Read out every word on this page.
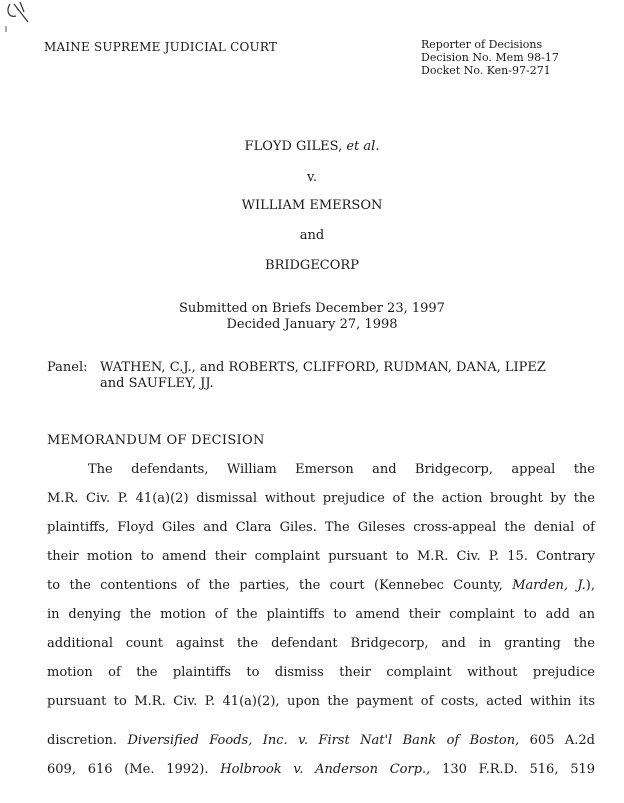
MAINE SUPREME JUDICIAL COURT	Reporter of Decisions
Decision No. Mem 98-17
Docket No. Ken-97-271
FLOYD GILES, et al.
v.
WILLIAM EMERSON
and
BRIDGECORP
Submitted on Briefs December 23, 1997
Decided January 27, 1998
Panel: WATHEN, C.J., and ROBERTS, CLIFFORD, RUDMAN, DANA, LIPEZ
and SAUFLEY, JJ.
MEMORANDUM OF DECISION
The defendants, William Emerson and Bridgecorp, appeal the
M.R. Civ. P. 41(a)(2) dismissal without prejudice of the action brought by the
plaintiffs, Floyd Giles and Clara Giles. The Gileses cross-appeal the denial of
their motion to amend their complaint pursuant to M.R. Civ. P. 15. Contrary
to the contentions of the parties, the court (Kennebec County, Marden, J.),
in denying the motion of the plaintiffs to amend their complaint to add an
additional count against the defendant Bridgecorp, and in granting the
motion of the plaintiffs to dismiss their complaint without prejudice
pursuant to M.R. Civ. P. 41(a)(2), upon the payment of costs, acted within its
discretion. Diversified Foods, Inc. v. First Nat'l Bank of Boston, 605 A.2d
609, 616 (Me. 1992). Holbrook v. Anderson Corp., 130 F.R.D. 516, 519
